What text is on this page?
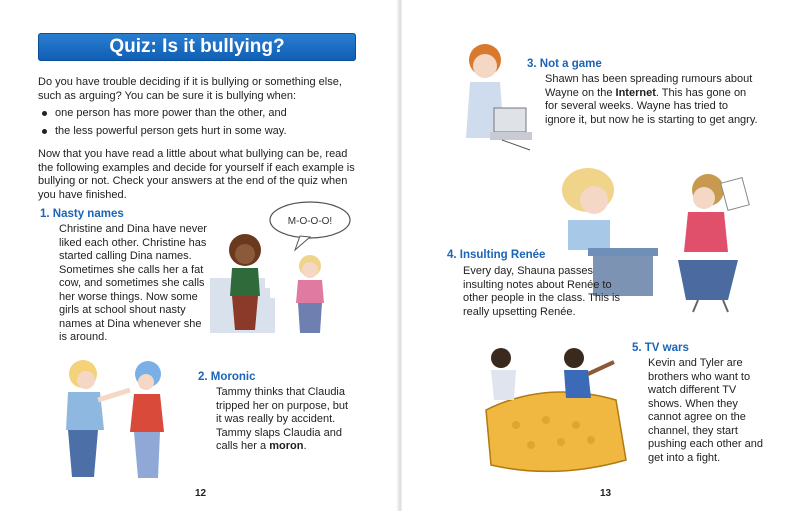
Quiz: Is it bullying?
Do you have trouble deciding if it is bullying or something else, such as arguing? You can be sure it is bullying when:
one person has more power than the other, and
the less powerful person gets hurt in some way.
Now that you have read a little about what bullying can be, read the following examples and decide for yourself if each example is bullying or not. Check your answers at the end of the quiz when you have finished.
1. Nasty names
Christine and Dina have never liked each other. Christine has started calling Dina names. Sometimes she calls her a fat cow, and sometimes she calls her worse things. Now some girls at school shout nasty names at Dina whenever she is around.
M-O-O-O!
2. Moronic
Tammy thinks that Claudia tripped her on purpose, but it was really by accident. Tammy slaps Claudia and calls her a moron.
12
3. Not a game
Shawn has been spreading rumours about Wayne on the Internet. This has gone on for several weeks. Wayne has tried to ignore it, but now he is starting to get angry.
4. Insulting Renée
Every day, Shauna passes insulting notes about Renée to other people in the class. This is really upsetting Renée.
5. TV wars
Kevin and Tyler are brothers who want to watch different TV shows. When they cannot agree on the channel, they start pushing each other and get into a fight.
13
